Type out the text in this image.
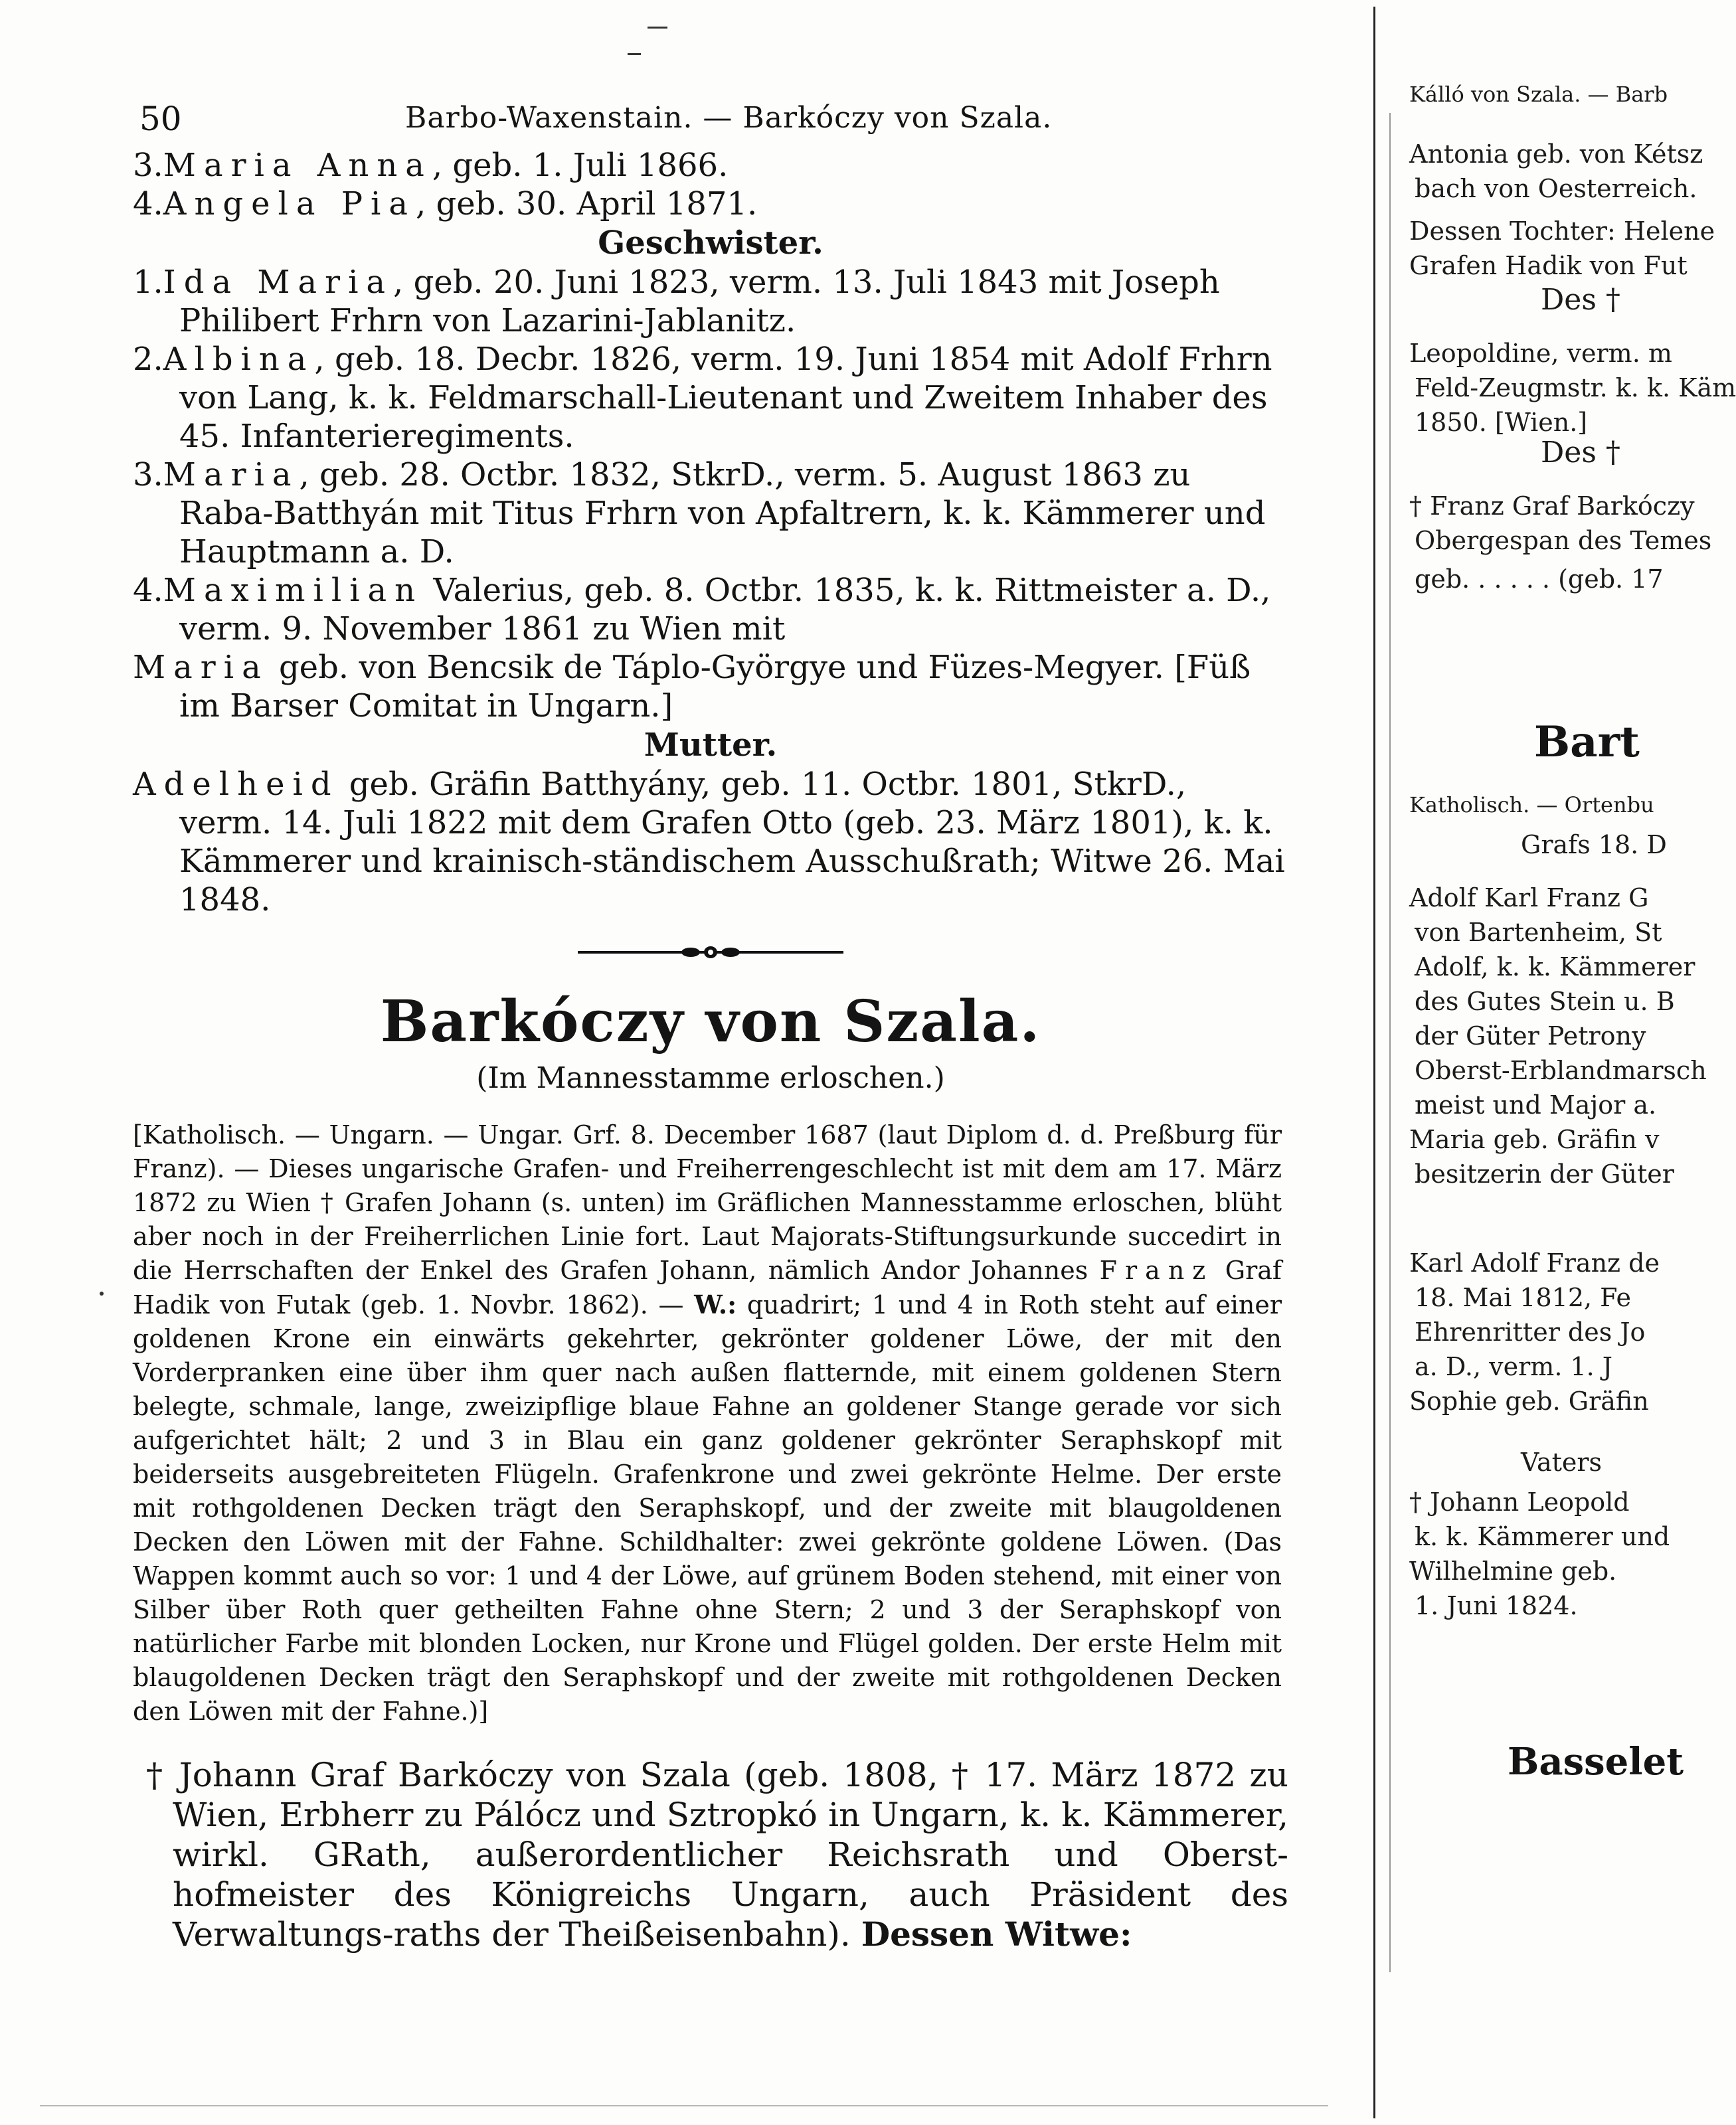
50	Barbo-Waxenstain. — Barkóczy von Szala.

3.Maria Anna, geb. 1. Juli 1866.

4.Angela Pia, geb. 30. April 1871.

Geschwister.

1.Ida Maria, geb. 20. Juni 1823, verm. 13. Juli 1843 mit Joseph Philibert Frhrn von Lazarini-Jablanitz.

2.Albina, geb. 18. Decbr. 1826, verm. 19. Juni 1854 mit Adolf Frhrn von Lang, k. k. Feldmarschall-Lieutenant und Zweitem Inhaber des 45. Infanterieregiments.

3.Maria, geb. 28. Octbr. 1832, StkrD., verm. 5. August 1863 zu Raba-Batthyán mit Titus Frhrn von Apfaltrern, k. k. Kämmerer und Hauptmann a. D.

4.Maximilian Valerius, geb. 8. Octbr. 1835, k. k. Rittmeister a. D., verm. 9. November 1861 zu Wien mit

Maria geb. von Bencsik de Táplo-Györgye und Füzes-Megyer. [Füß im Barser Comitat in Ungarn.]

Mutter.

Adelheid geb. Gräfin Batthyány, geb. 11. Octbr. 1801, StkrD., verm. 14. Juli 1822 mit dem Grafen Otto (geb. 23. März 1801), k. k. Kämmerer und krainisch-ständischem Ausschußrath; Witwe 26. Mai 1848.

Barkóczy von Szala.

(Im Mannesstamme erloschen.)

[Katholisch. — Ungarn. — Ungar. Grf. 8. December 1687 (laut Diplom d. d. Preßburg für Franz). — Dieses ungarische Grafen- und Freiherrengeschlecht ist mit dem am 17. März 1872 zu Wien † Grafen Johann (s. unten) im Gräflichen Mannesstamme erloschen, blüht aber noch in der Freiherrlichen Linie fort. Laut Majorats-Stiftungsurkunde succedirt in die Herrschaften der Enkel des Grafen Johann, nämlich Andor Johannes Franz Graf Hadik von Futak (geb. 1. Novbr. 1862). — W.: quadrirt; 1 und 4 in Roth steht auf einer goldenen Krone ein einwärts gekehrter, gekrönter goldener Löwe, der mit den Vorderpranken eine über ihm quer nach außen flatternde, mit einem goldenen Stern belegte, schmale, lange, zweizipflige blaue Fahne an goldener Stange gerade vor sich aufgerichtet hält; 2 und 3 in Blau ein ganz goldener gekrönter Seraphskopf mit beiderseits ausgebreiteten Flügeln. Grafenkrone und zwei gekrönte Helme. Der erste mit rothgoldenen Decken trägt den Seraphskopf, und der zweite mit blaugoldenen Decken den Löwen mit der Fahne. Schildhalter: zwei gekrönte goldene Löwen. (Das Wappen kommt auch so vor: 1 und 4 der Löwe, auf grünem Boden stehend, mit einer von Silber über Roth quer getheilten Fahne ohne Stern; 2 und 3 der Seraphskopf von natürlicher Farbe mit blonden Locken, nur Krone und Flügel golden. Der erste Helm mit blaugoldenen Decken trägt den Seraphskopf und der zweite mit rothgoldenen Decken den Löwen mit der Fahne.)]

† Johann Graf Barkóczy von Szala (geb. 1808, † 17. März 1872 zu Wien, Erbherr zu Pálócz und Sztropkó in Ungarn, k. k. Kämmerer, wirkl. GRath, außerordentlicher Reichsrath und Oberst-hofmeister des Königreichs Ungarn, auch Präsident des Verwaltungs-raths der Theißeisenbahn). Dessen Witwe:

Kálló von Szala. — Barb
Antonia geb. von Kétsz
bach von Oesterreich.
Dessen Tochter: Helene
Grafen Hadik von Fut
Des †
Leopoldine, verm. m
Feld-Zeugmstr. k. k. Käm
1850. [Wien.]
Des †
† Franz Graf Barkóczy
Obergespan des Temes
geb. . . . . . (geb. 17
Bart
Katholisch. — Ortenbu
Grafs 18. D
Adolf Karl Franz G
von Bartenheim, St
Adolf, k. k. Kämmerer
des Gutes Stein u. B
der Güter Petrony
Oberst-Erblandmarsch
meist und Major a.
Maria geb. Gräfin v
besitzerin der Güter
Karl Adolf Franz de
18. Mai 1812, Fe
Ehrenritter des Jo
a. D., verm. 1. J
Sophie geb. Gräfin
Vaters
† Johann Leopold
k. k. Kämmerer und
Wilhelmine geb.
1. Juni 1824.
Basselet
